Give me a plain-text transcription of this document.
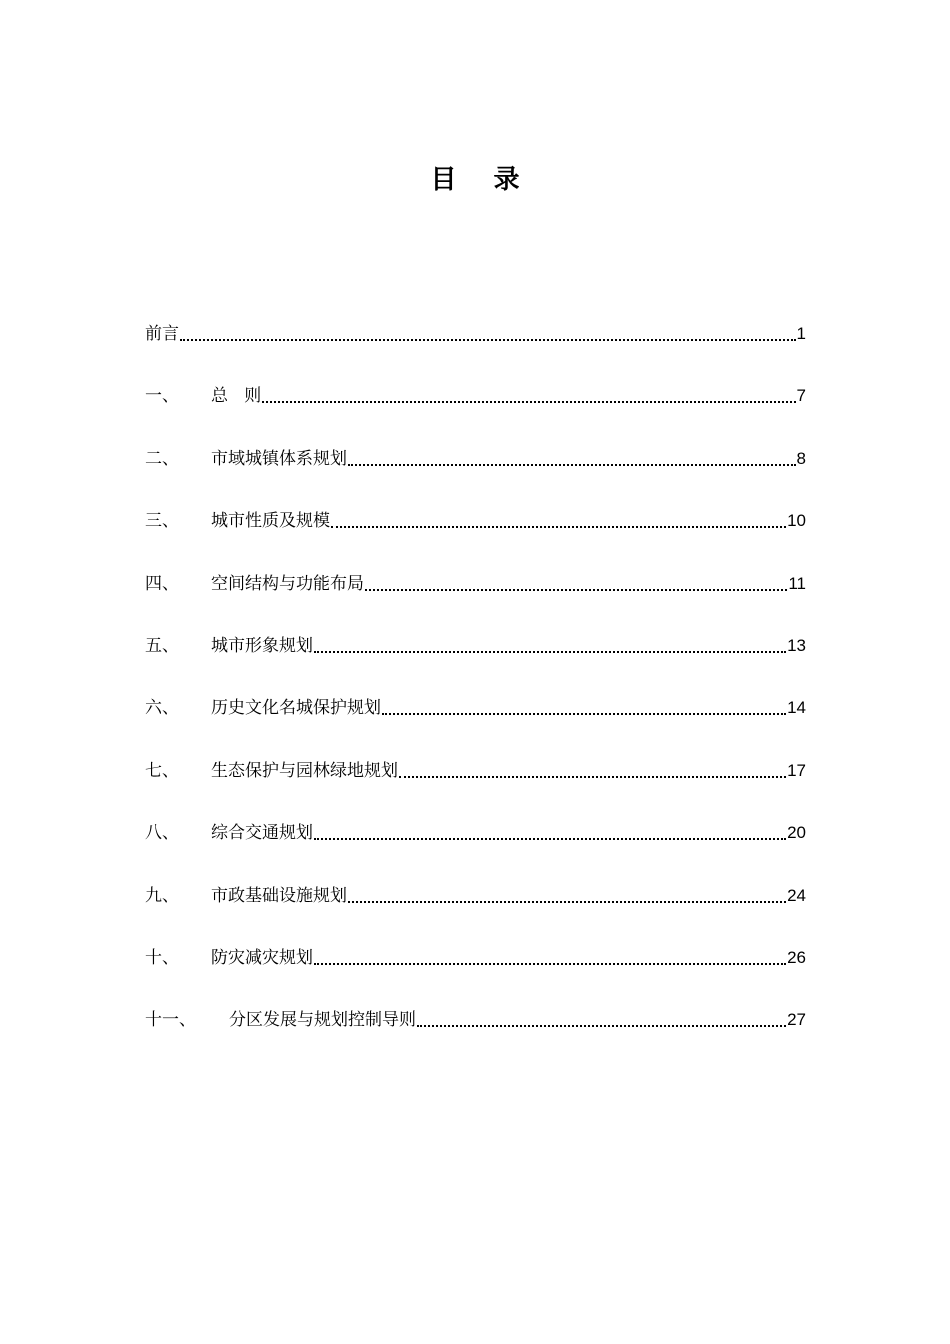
目 录
前言	1
一、	总   则	7
二、	市域城镇体系规划	8
三、	城市性质及规模	10
四、	空间结构与功能布局	11
五、	城市形象规划	13
六、	历史文化名城保护规划	14
七、	生态保护与园林绿地规划	17
八、	综合交通规划	20
九、	市政基础设施规划	24
十、	防灾减灾规划	26
十一、	分区发展与规划控制导则	27
